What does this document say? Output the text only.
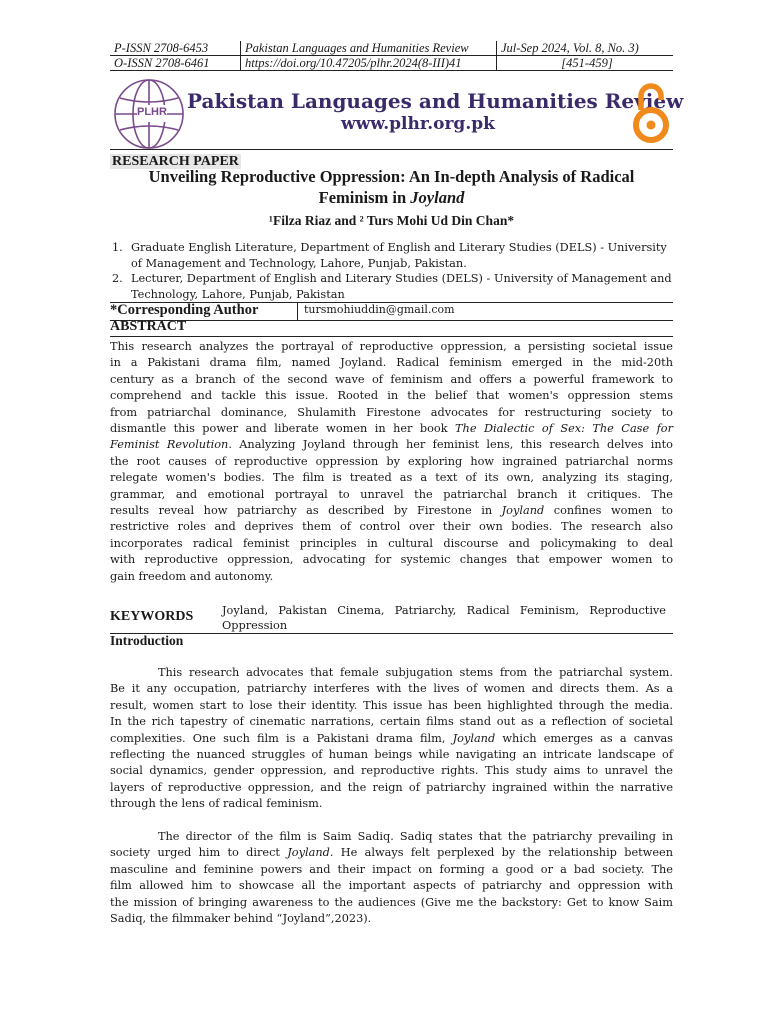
P-ISSN 2708-6453	Pakistan Languages and Humanities Review	Jul-Sep 2024, Vol. 8, No. 3)
O-ISSN 2708-6461	https://doi.org/10.47205/plhr.2024(8-III)41	[451-459]
PLHR Pakistan Languages and Humanities Review
www.plhr.org.pk
RESEARCH PAPER
Unveiling Reproductive Oppression: An In-depth Analysis of Radical
Feminism in Joyland
¹Filza Riaz and ² Turs Mohi Ud Din Chan*
1. Graduate English Literature, Department of English and Literary Studies (DELS) - University
of Management and Technology, Lahore, Punjab, Pakistan.
2. Lecturer, Department of English and Literary Studies (DELS) - University of Management and
Technology, Lahore, Punjab, Pakistan
*Corresponding Author	tursmohiuddin@gmail.com
ABSTRACT
This research analyzes the portrayal of reproductive oppression, a persisting societal issue
in a Pakistani drama film, named Joyland. Radical feminism emerged in the mid-20th
century as a branch of the second wave of feminism and offers a powerful framework to
comprehend and tackle this issue. Rooted in the belief that women's oppression stems
from patriarchal dominance, Shulamith Firestone advocates for restructuring society to
dismantle this power and liberate women in her book The Dialectic of Sex: The Case for
Feminist Revolution. Analyzing Joyland through her feminist lens, this research delves into
the root causes of reproductive oppression by exploring how ingrained patriarchal norms
relegate women's bodies. The film is treated as a text of its own, analyzing its staging,
grammar, and emotional portrayal to unravel the patriarchal branch it critiques. The
results reveal how patriarchy as described by Firestone in Joyland confines women to
restrictive roles and deprives them of control over their own bodies. The research also
incorporates radical feminist principles in cultural discourse and policymaking to deal
with reproductive oppression, advocating for systemic changes that empower women to
gain freedom and autonomy.
KEYWORDS	Joyland, Pakistan Cinema, Patriarchy, Radical Feminism, Reproductive
Oppression
Introduction
This research advocates that female subjugation stems from the patriarchal system.
Be it any occupation, patriarchy interferes with the lives of women and directs them. As a
result, women start to lose their identity. This issue has been highlighted through the media.
In the rich tapestry of cinematic narrations, certain films stand out as a reflection of societal
complexities. One such film is a Pakistani drama film, Joyland which emerges as a canvas
reflecting the nuanced struggles of human beings while navigating an intricate landscape of
social dynamics, gender oppression, and reproductive rights. This study aims to unravel the
layers of reproductive oppression, and the reign of patriarchy ingrained within the narrative
through the lens of radical feminism.
The director of the film is Saim Sadiq. Sadiq states that the patriarchy prevailing in
society urged him to direct Joyland. He always felt perplexed by the relationship between
masculine and feminine powers and their impact on forming a good or a bad society. The
film allowed him to showcase all the important aspects of patriarchy and oppression with
the mission of bringing awareness to the audiences (Give me the backstory: Get to know Saim
Sadiq, the filmmaker behind “Joyland”,2023).
